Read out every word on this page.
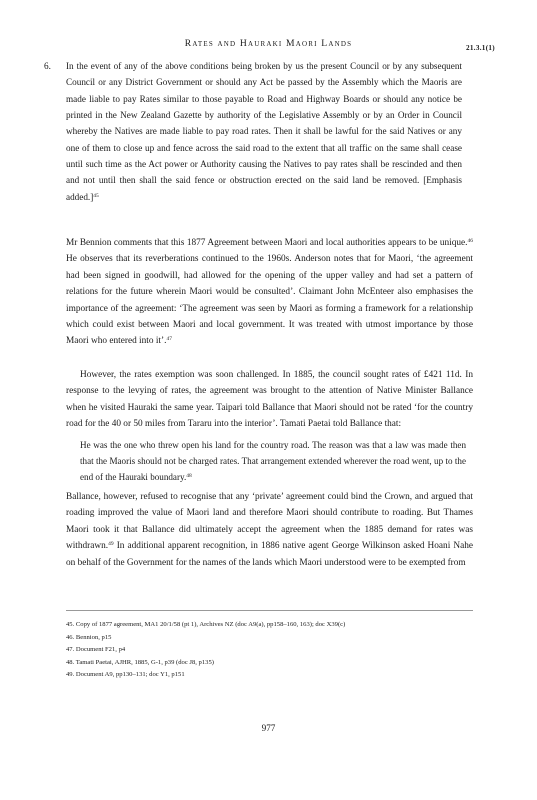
Rates and Hauraki Maori Lands	21.3.1(1)
6. In the event of any of the above conditions being broken by us the present Council or by any subsequent Council or any District Government or should any Act be passed by the Assembly which the Maoris are made liable to pay Rates similar to those payable to Road and Highway Boards or should any notice be printed in the New Zealand Gazette by authority of the Legislative Assembly or by an Order in Council whereby the Natives are made liable to pay road rates. Then it shall be lawful for the said Natives or any one of them to close up and fence across the said road to the extent that all traffic on the same shall cease until such time as the Act power or Authority causing the Natives to pay rates shall be rescinded and then and not until then shall the said fence or obstruction erected on the said land be removed. [Emphasis added.]$^{45}$

Mr Bennion comments that this 1877 Agreement between Maori and local authorities appears to be unique.$^{46}$ He observes that its reverberations continued to the 1960s. Anderson notes that for Maori, ‘the agreement had been signed in goodwill, had allowed for the opening of the upper valley and had set a pattern of relations for the future wherein Maori would be consulted’. Claimant John McEnteer also emphasises the importance of the agreement: ‘The agreement was seen by Maori as forming a framework for a relationship which could exist between Maori and local government. It was treated with utmost importance by those Maori who entered into it’.$^{47}$

However, the rates exemption was soon challenged. In 1885, the council sought rates of £421 11d. In response to the levying of rates, the agreement was brought to the attention of Native Minister Ballance when he visited Hauraki the same year. Taipari told Ballance that Maori should not be rated ‘for the country road for the 40 or 50 miles from Tararu into the interior’. Tamati Paetai told Ballance that:

He was the one who threw open his land for the country road. The reason was that a law was made then that the Maoris should not be charged rates. That arrangement extended wherever the road went, up to the end of the Hauraki boundary.$^{48}$

Ballance, however, refused to recognise that any ‘private’ agreement could bind the Crown, and argued that roading improved the value of Maori land and therefore Maori should contribute to roading. But Thames Maori took it that Ballance did ultimately accept the agreement when the 1885 demand for rates was withdrawn.$^{49}$ In additional apparent recognition, in 1886 native agent George Wilkinson asked Hoani Nahe on behalf of the Government for the names of the lands which Maori understood were to be exempted from

45. Copy of 1877 agreement, MA1 20/1/58 (pt 1), Archives NZ (doc A9(a), pp158–160, 163); doc X39(c)
46. Bennion, p15
47. Document F21, p4
48. Tamati Paetai, AJHR, 1885, G-1, p39 (doc J8, p135)
49. Document A9, pp130–131; doc Y1, p151
977
